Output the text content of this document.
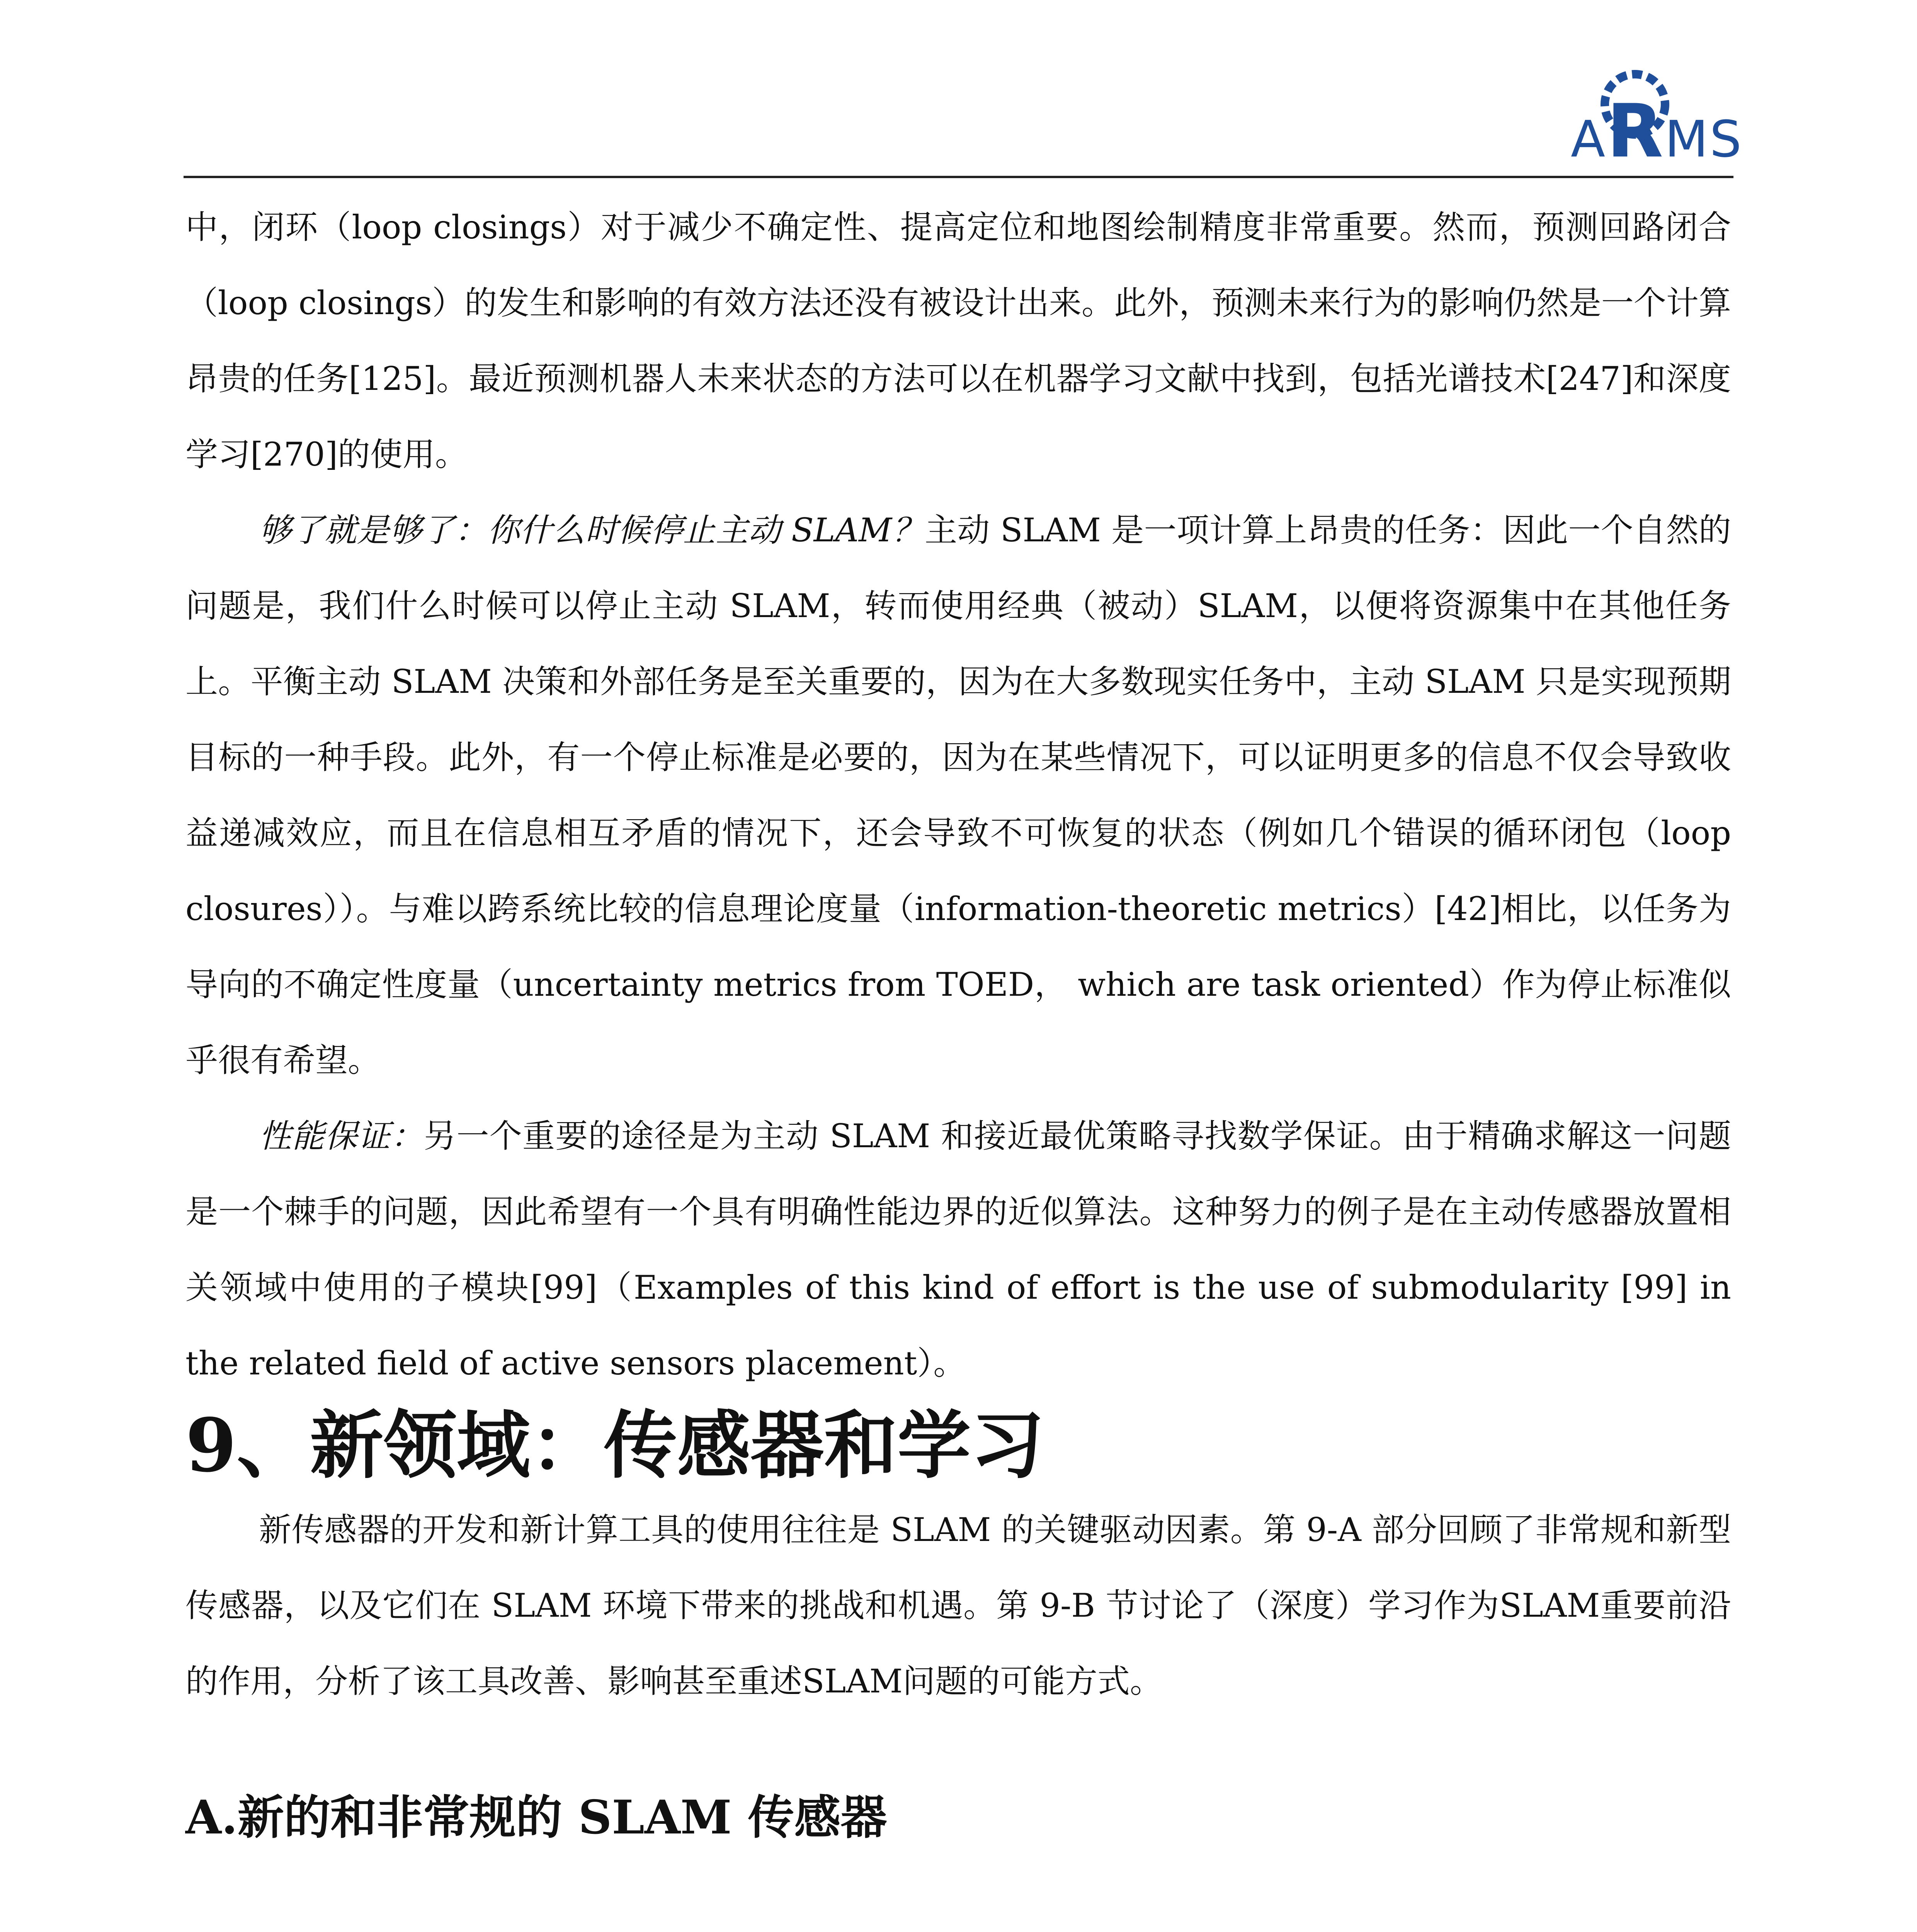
ARMS

中，闭环（loop closings）对于减少不确定性、提高定位和地图绘制精度非常重要。然而，预测回路闭合（loop closings）的发生和影响的有效方法还没有被设计出来。此外，预测未来行为的影响仍然是一个计算昂贵的任务[125]。最近预测机器人未来状态的方法可以在机器学习文献中找到，包括光谱技术[247]和深度学习[270]的使用。

够了就是够了：你什么时候停止主动 SLAM？主动 SLAM 是一项计算上昂贵的任务：因此一个自然的问题是，我们什么时候可以停止主动 SLAM，转而使用经典（被动）SLAM，以便将资源集中在其他任务上。平衡主动 SLAM 决策和外部任务是至关重要的，因为在大多数现实任务中，主动 SLAM 只是实现预期目标的一种手段。此外，有一个停止标准是必要的，因为在某些情况下，可以证明更多的信息不仅会导致收益递减效应，而且在信息相互矛盾的情况下，还会导致不可恢复的状态（例如几个错误的循环闭包（loop closures））。与难以跨系统比较的信息理论度量（information-theoretic metrics）[42]相比，以任务为导向的不确定性度量（uncertainty metrics from TOED， which are task oriented）作为停止标准似乎很有希望。

性能保证：另一个重要的途径是为主动 SLAM 和接近最优策略寻找数学保证。由于精确求解这一问题是一个棘手的问题，因此希望有一个具有明确性能边界的近似算法。这种努力的例子是在主动传感器放置相关领域中使用的子模块[99]（Examples of this kind of effort is the use of submodularity [99] in the related field of active sensors placement）。

9、新领域：传感器和学习

新传感器的开发和新计算工具的使用往往是 SLAM 的关键驱动因素。第 9-A 部分回顾了非常规和新型传感器，以及它们在 SLAM 环境下带来的挑战和机遇。第 9-B 节讨论了（深度）学习作为SLAM重要前沿的作用，分析了该工具改善、影响甚至重述SLAM问题的可能方式。

A.新的和非常规的 SLAM 传感器
